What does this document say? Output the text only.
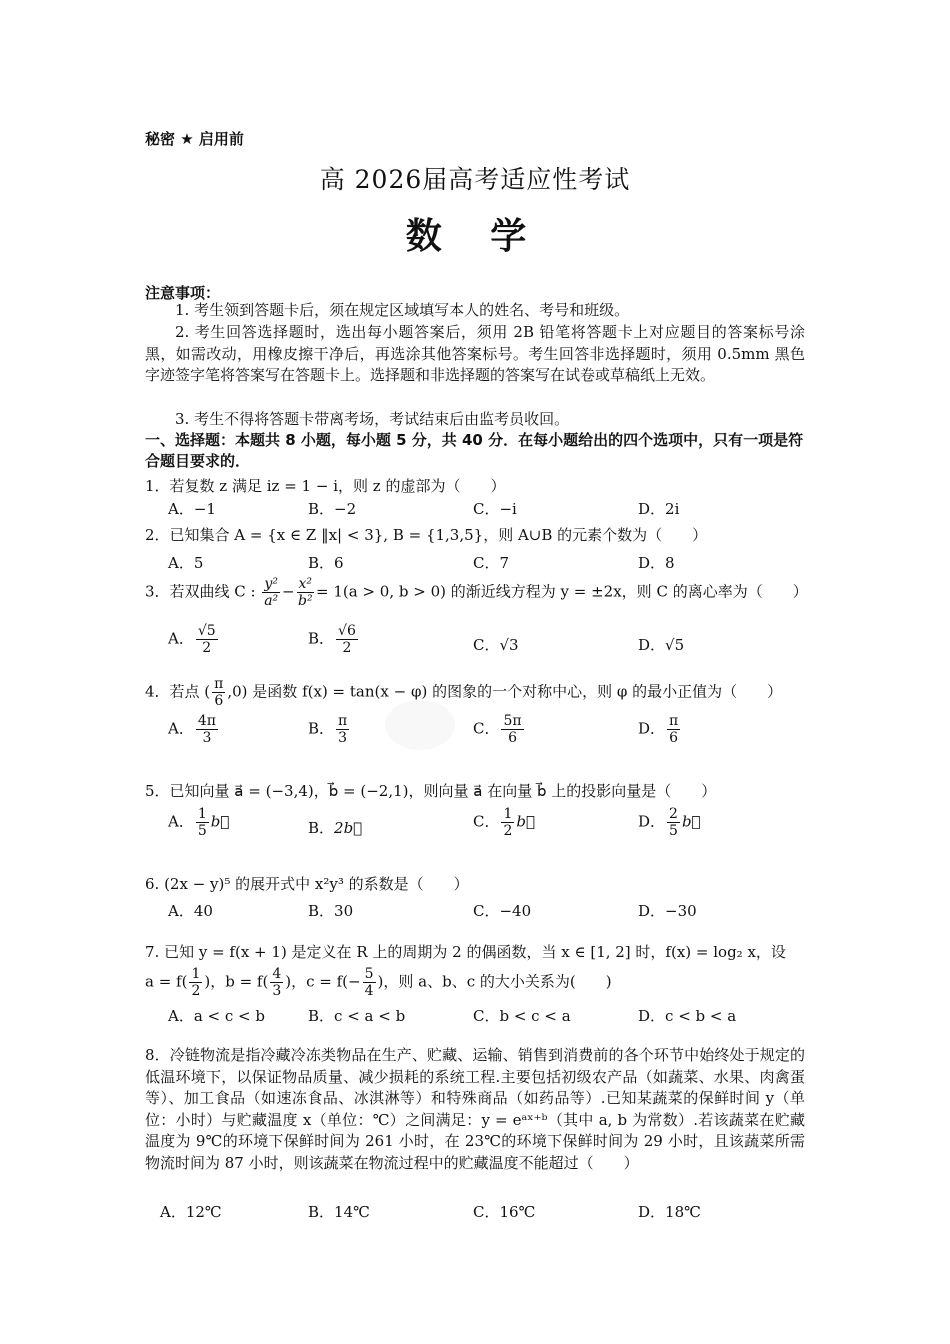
秘密 ★ 启用前
高 2026届高考适应性考试
数 学
注意事项：
1. 考生领到答题卡后，须在规定区域填写本人的姓名、考号和班级。
2. 考生回答选择题时，选出每小题答案后，须用 2B 铅笔将答题卡上对应题目的答案标号涂黑，如需改动，用橡皮擦干净后，再选涂其他答案标号。考生回答非选择题时，须用 0.5mm 黑色字迹签字笔将答案写在答题卡上。选择题和非选择题的答案写在试卷或草稿纸上无效。
3. 考生不得将答题卡带离考场，考试结束后由监考员收回。
一、选择题：本题共 8 小题，每小题 5 分，共 40 分．在每小题给出的四个选项中，只有一项是符合题目要求的．
1．若复数 z 满足 iz = 1 − i，则 z 的虚部为（　　）
A．−1	B．−2	C．−i	D．2i
2．已知集合 A = {x ∈ Z ‖x| < 3}, B = {1,3,5}，则 A∪B 的元素个数为（　　）
A．5	B．6	C．7	D．8
3．若双曲线 C : $\frac{\text{y²}}{\text{a²}} - \frac{\text{x²}}{\text{b²}} = 1(a > 0$, b > 0) 的渐近线方程为 y = ±2x，则 C 的离心率为（　　）
A． $\frac{√5}{2}$	B． $\frac{√6}{2}$	C．√3	D．√5
4．若点 ( $\frac{\pi}{6} ,0$) 是函数 f(x) = tan(x − φ) 的图象的一个对称中心，则 φ 的最小正值为（　　）
A． $\frac{4\pi}{3}$	B． $\frac{\pi}{3}$	C． $\frac{5\pi}{6}$	D． $\frac{\pi}{6}$
5．已知向量 a⃗ = (−3,4)，b⃗ = (−2,1)，则向量 a⃗ 在向量 b⃗ 上的投影向量是（　　）
A． $\frac{1}{5}$ b⃗	B．2b⃗	C． $\frac{1}{2}$ b⃗	D． $\frac{2}{5}$ b⃗
6. (2x − y)⁵ 的展开式中 x²y³ 的系数是（　　）
A．40	B．30	C．−40	D．−30
7. 已知 y = f(x + 1) 是定义在 R 上的周期为 2 的偶函数，当 x ∈ [1, 2] 时，f(x) = log₂ x，设
$a = f( \frac{1}{2}$ )，$b = f( \frac{4}{3}$ )，$c = f(- \frac{5}{4}$ )，则 a、b、c 的大小关系为(　　)
A．a < c < b	B．c < a < b	C．b < c < a	D．c < b < a
8．冷链物流是指冷藏冷冻类物品在生产、贮藏、运输、销售到消费前的各个环节中始终处于规定的低温环境下，以保证物品质量、减少损耗的系统工程.主要包括初级农产品（如蔬菜、水果、肉禽蛋等）、加工食品（如速冻食品、冰淇淋等）和特殊商品（如药品等）.已知某蔬菜的保鲜时间 y（单位：小时）与贮藏温度 x（单位：℃）之间满足：y = eᵃˣ⁺ᵇ（其中 a, b 为常数）.若该蔬菜在贮藏温度为 9℃的环境下保鲜时间为 261 小时，在 23℃的环境下保鲜时间为 29 小时，且该蔬菜所需物流时间为 87 小时，则该蔬菜在物流过程中的贮藏温度不能超过（　　）
A．12℃	B．14℃	C．16℃	D．18℃
